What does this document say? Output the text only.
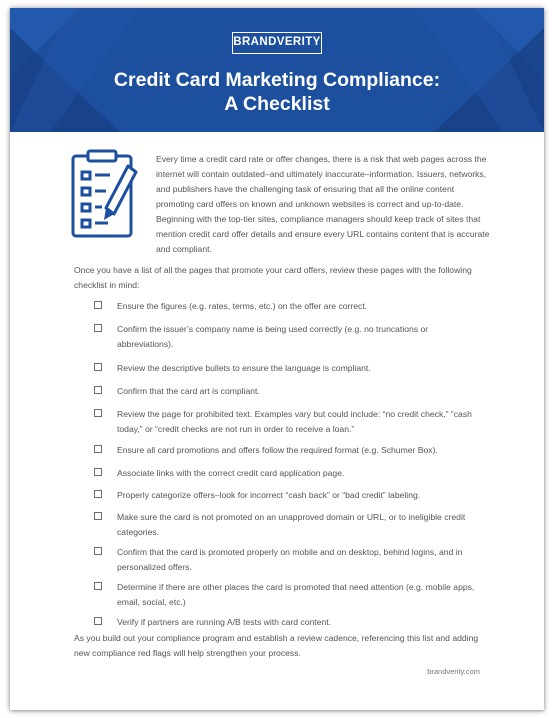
BRANDVERITY
Credit Card Marketing Compliance:
A Checklist
Every time a credit card rate or offer changes, there is a risk that web pages across the internet will contain outdated–and ultimately inaccurate–information. Issuers, networks, and publishers have the challenging task of ensuring that all the online content promoting card offers on known and unknown websites is correct and up-to-date. Beginning with the top-tier sites, compliance managers should keep track of sites that mention credit card offer details and ensure every URL contains content that is accurate and compliant.
Once you have a list of all the pages that promote your card offers, review these pages with the following checklist in mind:
Ensure the figures (e.g. rates, terms, etc.) on the offer are correct.
Confirm the issuer’s company name is being used correctly (e.g. no truncations or abbreviations).
Review the descriptive bullets to ensure the language is compliant.
Confirm that the card art is compliant.
Review the page for prohibited text. Examples vary but could include: “no credit check,” “cash today,” or “credit checks are not run in order to receive a loan.”
Ensure all card promotions and offers follow the required format (e.g. Schumer Box).
Associate links with the correct credit card application page.
Properly categorize offers–look for incorrect “cash back” or “bad credit” labeling.
Make sure the card is not promoted on an unapproved domain or URL, or to ineligible credit categories.
Confirm that the card is promoted properly on mobile and on desktop, behind logins, and in personalized offers.
Determine if there are other places the card is promoted that need attention (e.g. mobile apps, email, social, etc.)
Verify if partners are running A/B tests with card content.
As you build out your compliance program and establish a review cadence, referencing this list and adding new compliance red flags will help strengthen your process.
brandverity.com
